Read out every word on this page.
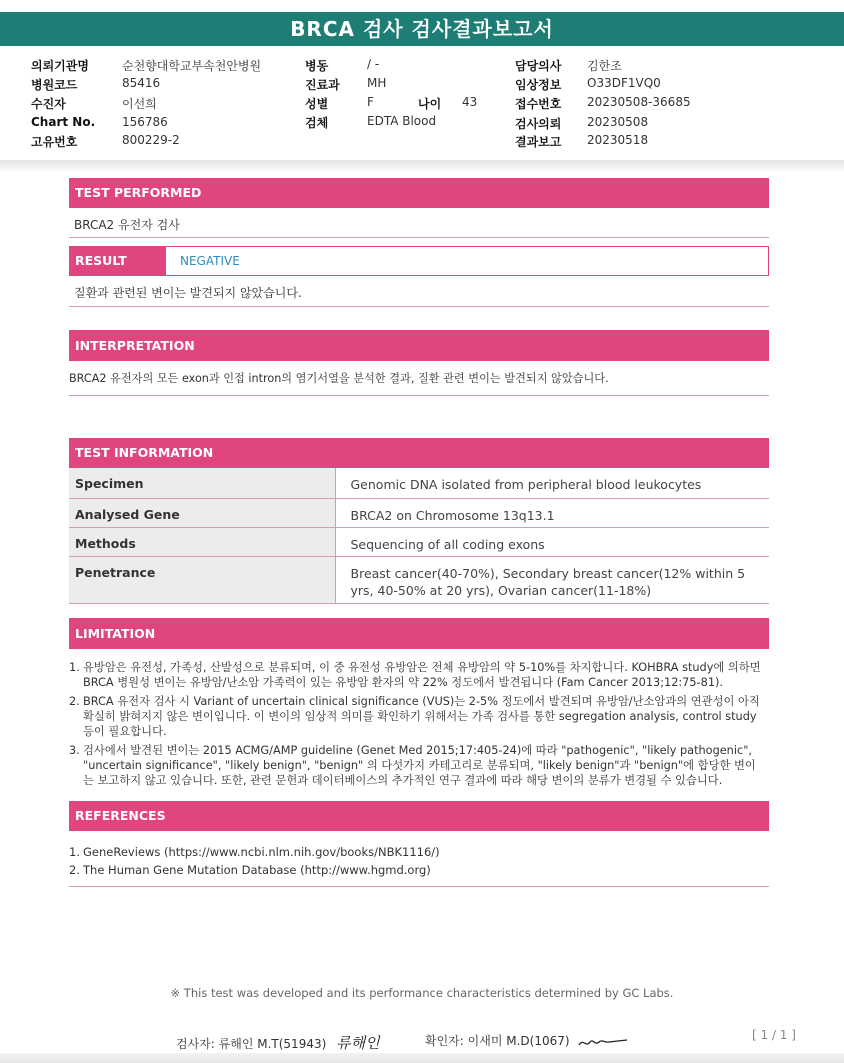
BRCA 검사 검사결과보고서
의뢰기관명	순천향대학교부속천안병원
병원코드	85416
수진자	이선희
Chart No. 156786
고유번호	800229-2
병동	/ -
진료과 MH
성별	F	나이 43
검체	EDTA Blood
담당의사 김한조
임상정보 O33DF1VQ0
접수번호 20230508-36685
검사의뢰 20230508
결과보고 20230518
TEST PERFORMED
BRCA2 유전자 검사
RESULT	NEGATIVE
질환과 관련된 변이는 발견되지 않았습니다.
INTERPRETATION
BRCA2 유전자의 모든 exon과 인접 intron의 염기서열을 분석한 결과, 질환 관련 변이는 발견되지 않았습니다.
TEST INFORMATION
Specimen	Genomic DNA isolated from peripheral blood leukocytes
Analysed Gene	BRCA2 on Chromosome 13q13.1
Methods	Sequencing of all coding exons
Penetrance	Breast cancer(40-70%), Secondary breast cancer(12% within 5 yrs, 40-50% at 20 yrs), Ovarian cancer(11-18%)
LIMITATION
1. 유방암은 유전성, 가족성, 산발성으로 분류되며, 이 중 유전성 유방암은 전체 유방암의 약 5-10%를 차지합니다. KOHBRA study에 의하면 BRCA 병원성 변이는 유방암/난소암 가족력이 있는 유방암 환자의 약 22% 정도에서 발견됩니다 (Fam Cancer 2013;12:75-81).
2. BRCA 유전자 검사 시 Variant of uncertain clinical significance (VUS)는 2-5% 정도에서 발견되며 유방암/난소암과의 연관성이 아직 확실히 밝혀지지 않은 변이입니다. 이 변이의 임상적 의미를 확인하기 위해서는 가족 검사를 통한 segregation analysis, control study 등이 필요합니다.
3. 검사에서 발견된 변이는 2015 ACMG/AMP guideline (Genet Med 2015;17:405-24)에 따라 "pathogenic", "likely pathogenic", "uncertain significance", "likely benign", "benign" 의 다섯가지 카테고리로 분류되며, "likely benign"과 "benign"에 합당한 변이는 보고하지 않고 있습니다. 또한, 관련 문헌과 데이터베이스의 추가적인 연구 결과에 따라 해당 변이의 분류가 변경될 수 있습니다.
REFERENCES
1. GeneReviews (https://www.ncbi.nlm.nih.gov/books/NBK1116/)
2. The Human Gene Mutation Database (http://www.hgmd.org)
※ This test was developed and its performance characteristics determined by GC Labs.
검사자: 류해인 M.T(51943) 류해인	확인자: 이새미 M.D(1067)	[ 1 / 1 ]
